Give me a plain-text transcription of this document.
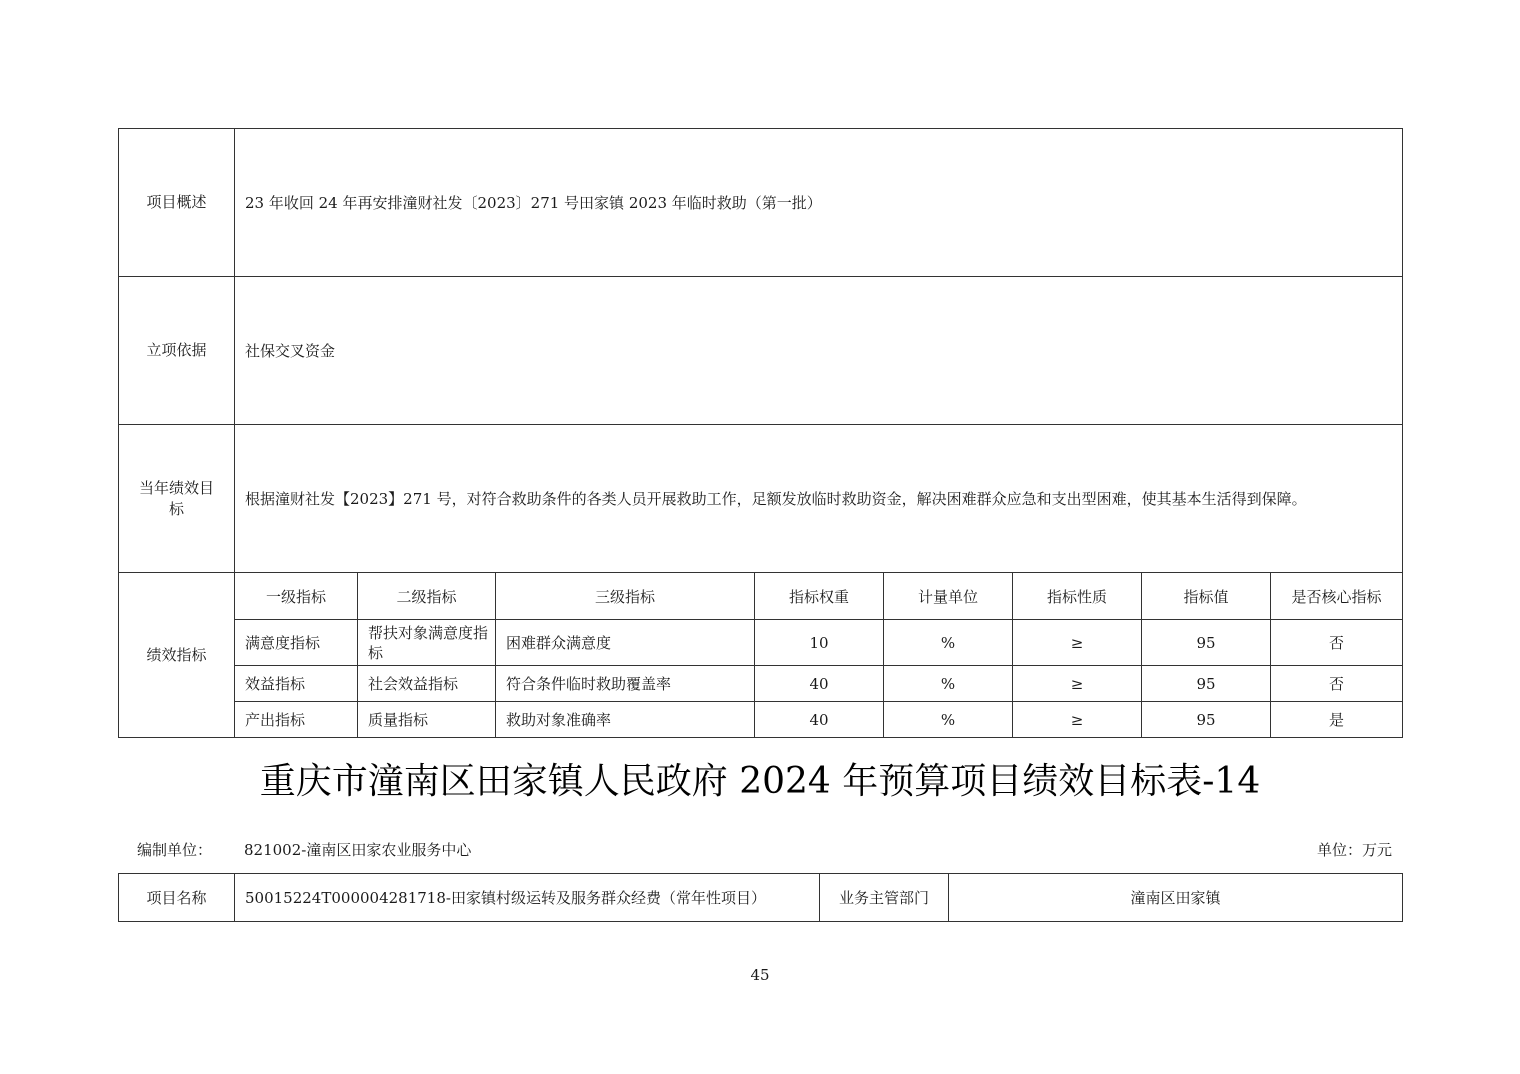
项目概述	23 年收回 24 年再安排潼财社发〔2023〕271 号田家镇 2023 年临时救助（第一批）							
立项依据	社保交叉资金							
当年绩效目标	根据潼财社发【2023】271 号，对符合救助条件的各类人员开展救助工作，足额发放临时救助资金，解决困难群众应急和支出型困难，使其基本生活得到保障。							
绩效指标	一级指标	二级指标	三级指标	指标权重	计量单位	指标性质	指标值	是否核心指标
	满意度指标	帮扶对象满意度指标	困难群众满意度	10	%	≥	95	否
	效益指标	社会效益指标	符合条件临时救助覆盖率	40	%	≥	95	否
	产出指标	质量指标	救助对象准确率	40	%	≥	95	是
重庆市潼南区田家镇人民政府 2024 年预算项目绩效目标表-14
编制单位： 821002-潼南区田家农业服务中心	单位：万元
项目名称	50015224T000004281718-田家镇村级运转及服务群众经费（常年性项目）	业务主管部门	潼南区田家镇
45
